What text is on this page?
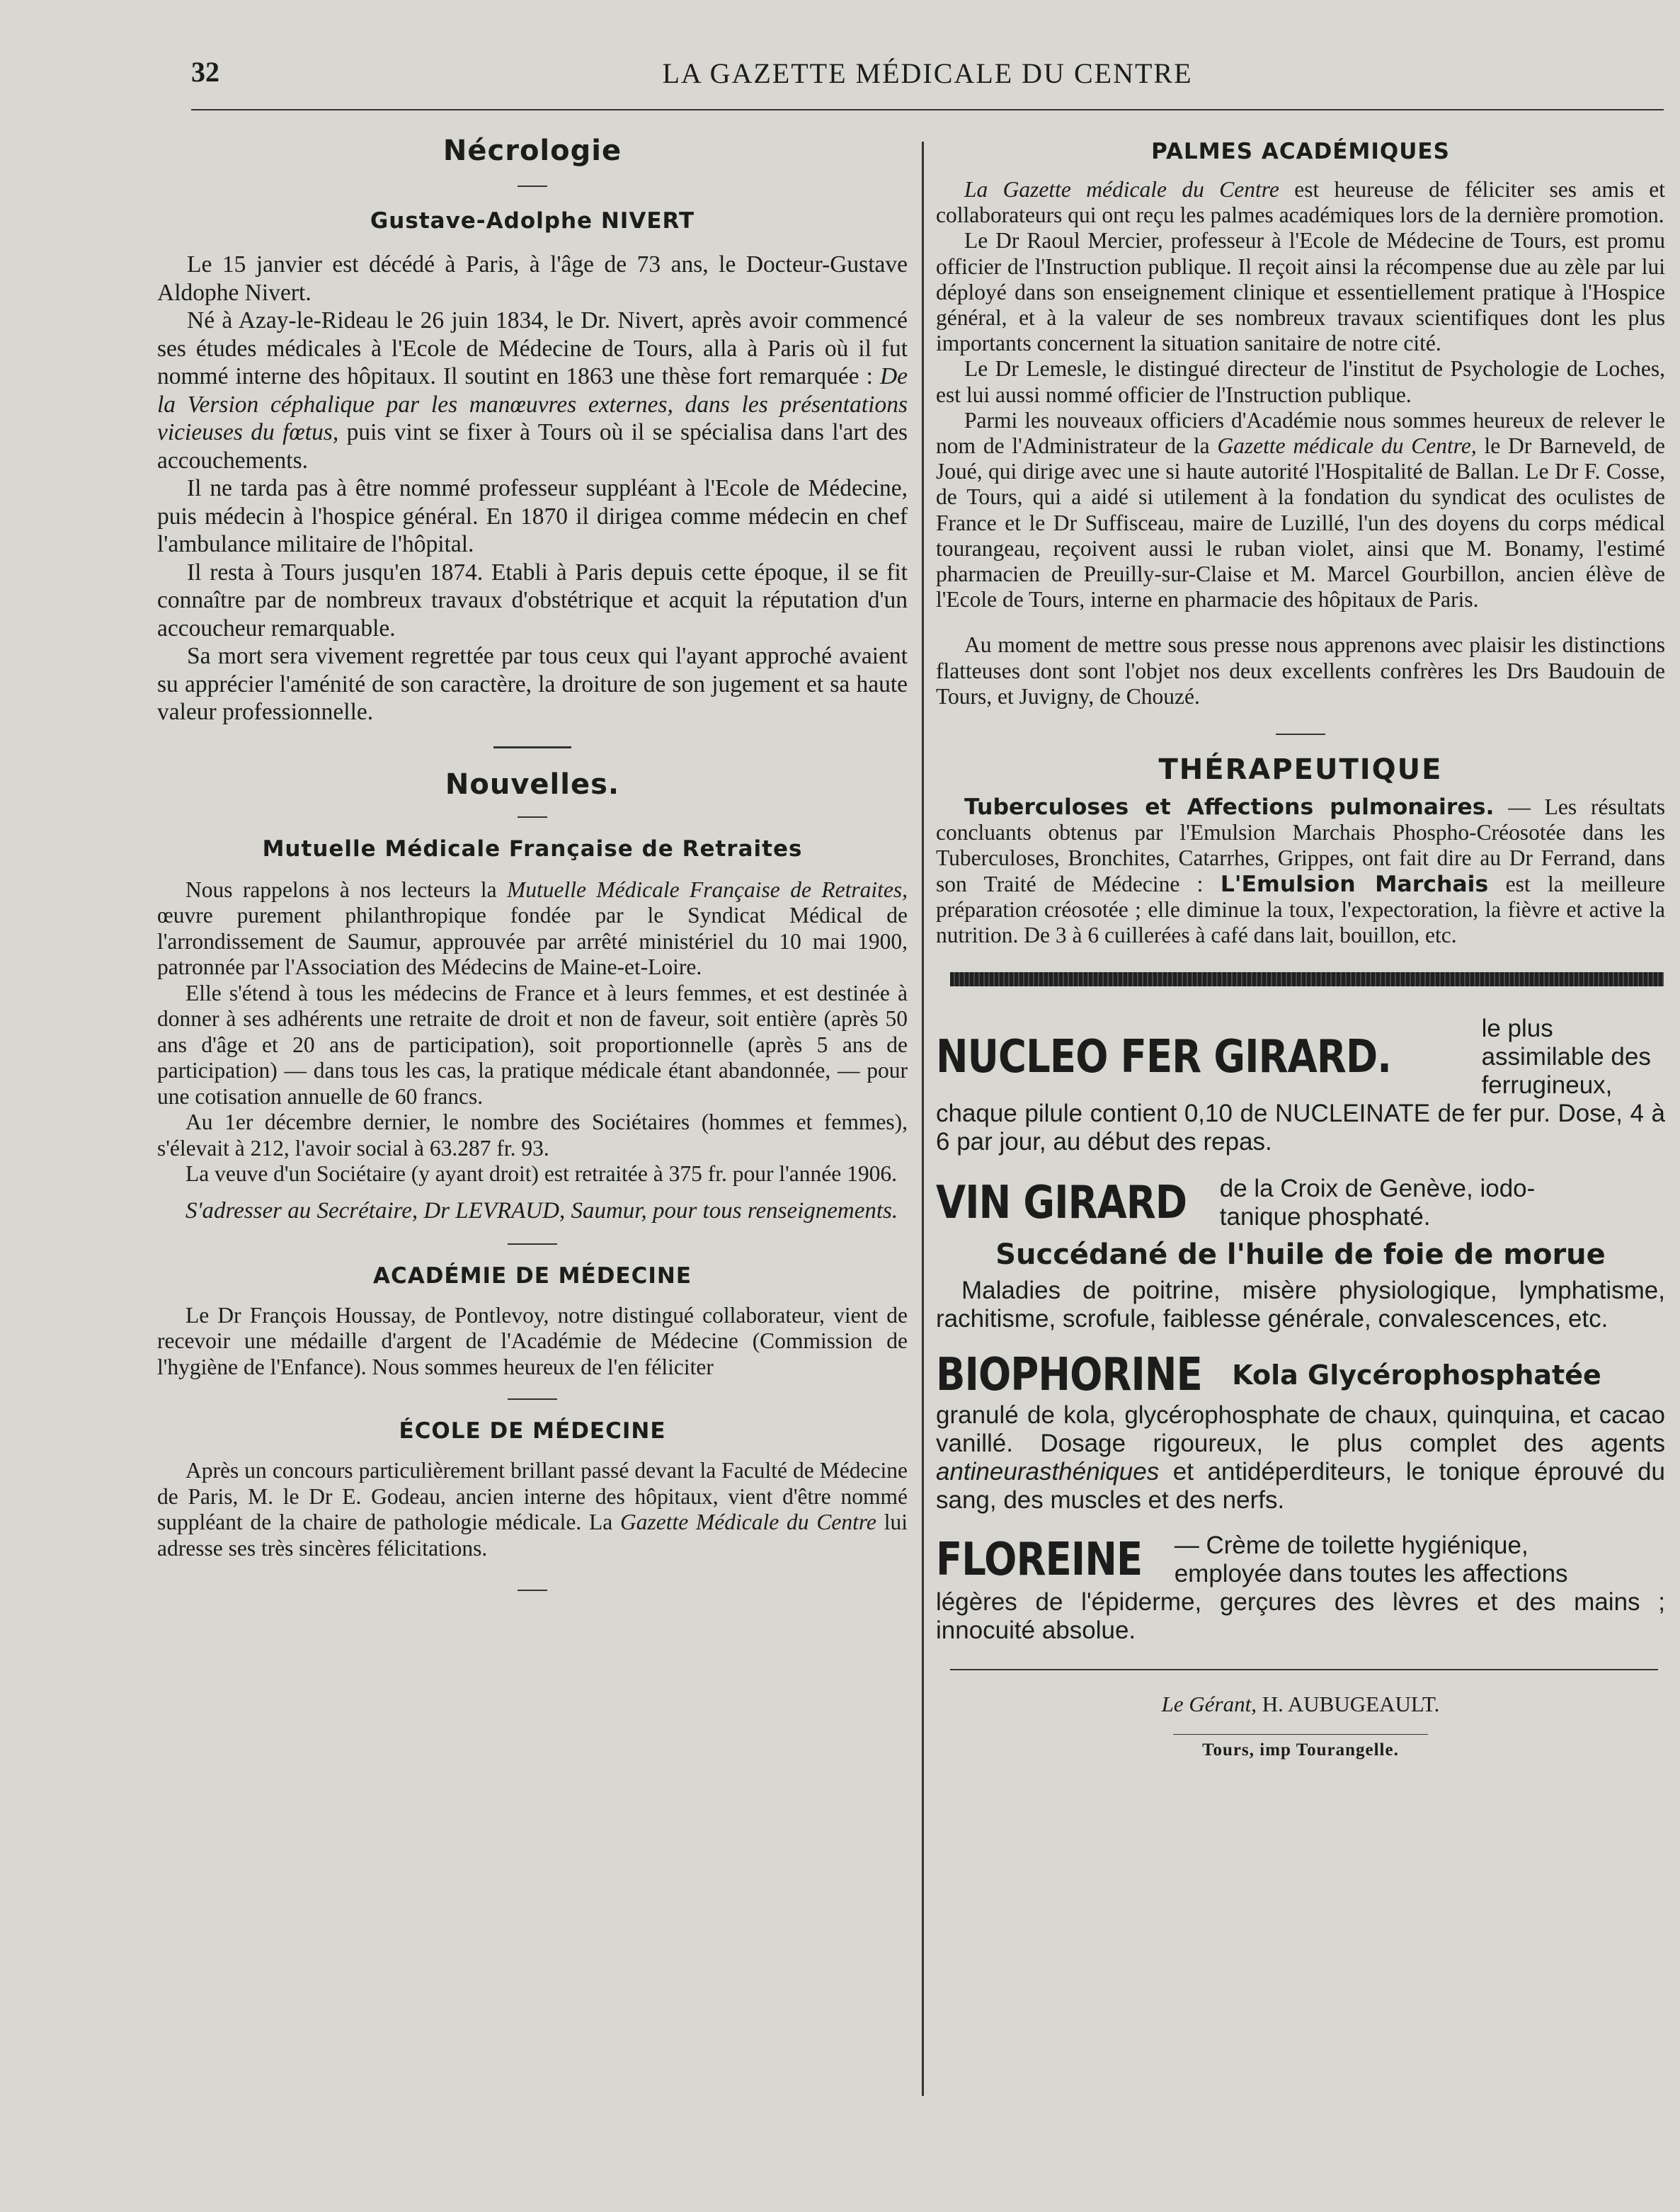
32	LA GAZETTE MÉDICALE DU CENTRE
Nécrologie
Gustave-Adolphe NIVERT

Le 15 janvier est décédé à Paris, à l'âge de 73 ans, le Docteur-Gustave Aldophe Nivert.

Né à Azay-le-Rideau le 26 juin 1834, le Dr. Nivert, après avoir commencé ses études médicales à l'Ecole de Médecine de Tours, alla à Paris où il fut nommé interne des hôpitaux. Il soutint en 1863 une thèse fort remarquée : De la Version céphalique par les manœuvres externes, dans les présentations vicieuses du fœtus, puis vint se fixer à Tours où il se spécialisa dans l'art des accouchements.

Il ne tarda pas à être nommé professeur suppléant à l'Ecole de Médecine, puis médecin à l'hospice général. En 1870 il dirigea comme médecin en chef l'ambulance militaire de l'hôpital.

Il resta à Tours jusqu'en 1874. Etabli à Paris depuis cette époque, il se fit connaître par de nombreux travaux d'obstétrique et acquit la réputation d'un accoucheur remarquable.

Sa mort sera vivement regrettée par tous ceux qui l'ayant approché avaient su apprécier l'aménité de son caractère, la droiture de son jugement et sa haute valeur professionnelle.

Nouvelles.
Mutuelle Médicale Française de Retraites

Nous rappelons à nos lecteurs la Mutuelle Médicale Française de Retraites, œuvre purement philanthropique fondée par le Syndicat Médical de l'arrondissement de Saumur, approuvée par arrêté ministériel du 10 mai 1900, patronnée par l'Association des Médecins de Maine-et-Loire.

Elle s'étend à tous les médecins de France et à leurs femmes, et est destinée à donner à ses adhérents une retraite de droit et non de faveur, soit entière (après 50 ans d'âge et 20 ans de participation), soit proportionnelle (après 5 ans de participation) — dans tous les cas, la pratique médicale étant abandonnée, — pour une cotisation annuelle de 60 francs.

Au 1er décembre dernier, le nombre des Sociétaires (hommes et femmes), s'élevait à 212, l'avoir social à 63.287 fr. 93.

La veuve d'un Sociétaire (y ayant droit) est retraitée à 375 fr. pour l'année 1906.

S'adresser au Secrétaire, Dr LEVRAUD, Saumur, pour tous renseignements.

ACADÉMIE DE MÉDECINE

Le Dr François Houssay, de Pontlevoy, notre distingué collaborateur, vient de recevoir une médaille d'argent de l'Académie de Médecine (Commission de l'hygiène de l'Enfance). Nous sommes heureux de l'en féliciter

ÉCOLE DE MÉDECINE

Après un concours particulièrement brillant passé devant la Faculté de Médecine de Paris, M. le Dr E. Godeau, ancien interne des hôpitaux, vient d'être nommé suppléant de la chaire de pathologie médicale. La Gazette Médicale du Centre lui adresse ses très sincères félicitations.

PALMES ACADÉMIQUES

La Gazette médicale du Centre est heureuse de féliciter ses amis et collaborateurs qui ont reçu les palmes académiques lors de la dernière promotion.

Le Dr Raoul Mercier, professeur à l'Ecole de Médecine de Tours, est promu officier de l'Instruction publique. Il reçoit ainsi la récompense due au zèle par lui déployé dans son enseignement clinique et essentiellement pratique à l'Hospice général, et à la valeur de ses nombreux travaux scientifiques dont les plus importants concernent la situation sanitaire de notre cité.

Le Dr Lemesle, le distingué directeur de l'institut de Psychologie de Loches, est lui aussi nommé officier de l'Instruction publique.

Parmi les nouveaux officiers d'Académie nous sommes heureux de relever le nom de l'Administrateur de la Gazette médicale du Centre, le Dr Barneveld, de Joué, qui dirige avec une si haute autorité l'Hospitalité de Ballan. Le Dr F. Cosse, de Tours, qui a aidé si utilement à la fondation du syndicat des oculistes de France et le Dr Suffisceau, maire de Luzillé, l'un des doyens du corps médical tourangeau, reçoivent aussi le ruban violet, ainsi que M. Bonamy, l'estimé pharmacien de Preuilly-sur-Claise et M. Marcel Gourbillon, ancien élève de l'Ecole de Tours, interne en pharmacie des hôpitaux de Paris.

Au moment de mettre sous presse nous apprenons avec plaisir les distinctions flatteuses dont sont l'objet nos deux excellents confrères les Drs Baudouin de Tours, et Juvigny, de Chouzé.

THÉRAPEUTIQUE

Tuberculoses et Affections pulmonaires. — Les résultats concluants obtenus par l'Emulsion Marchais Phospho-Créosotée dans les Tuberculoses, Bronchites, Catarrhes, Grippes, ont fait dire au Dr Ferrand, dans son Traité de Médecine : L'Emulsion Marchais est la meilleure préparation créosotée ; elle diminue la toux, l'expectoration, la fièvre et active la nutrition. De 3 à 6 cuillerées à café dans lait, bouillon, etc.

NUCLEO FER GIRARD.
le plus assimilable des ferrugineux,

chaque pilule contient 0,10 de NUCLEINATE de fer pur. Dose, 4 à 6 par jour, au début des repas.

VIN GIRARD de la Croix de Genève, iodo-tanique phosphaté.
Succédané de l'huile de foie de morue

Maladies de poitrine, misère physiologique, lymphatisme, rachitisme, scrofule, faiblesse générale, convalescences, etc.

BIOPHORINE Kola Glycérophosphatée

granulé de kola, glycérophosphate de chaux, quinquina, et cacao vanillé. Dosage rigoureux, le plus complet des agents antineurasthéniques et antidéperditeurs, le tonique éprouvé du sang, des muscles et des nerfs.

FLOREINE — Crème de toilette hygiénique, employée dans toutes les affections

légères de l'épiderme, gerçures des lèvres et des mains ; innocuité absolue.

Le Gérant, H. AUBUGEAULT.
Tours, imp Tourangelle.
